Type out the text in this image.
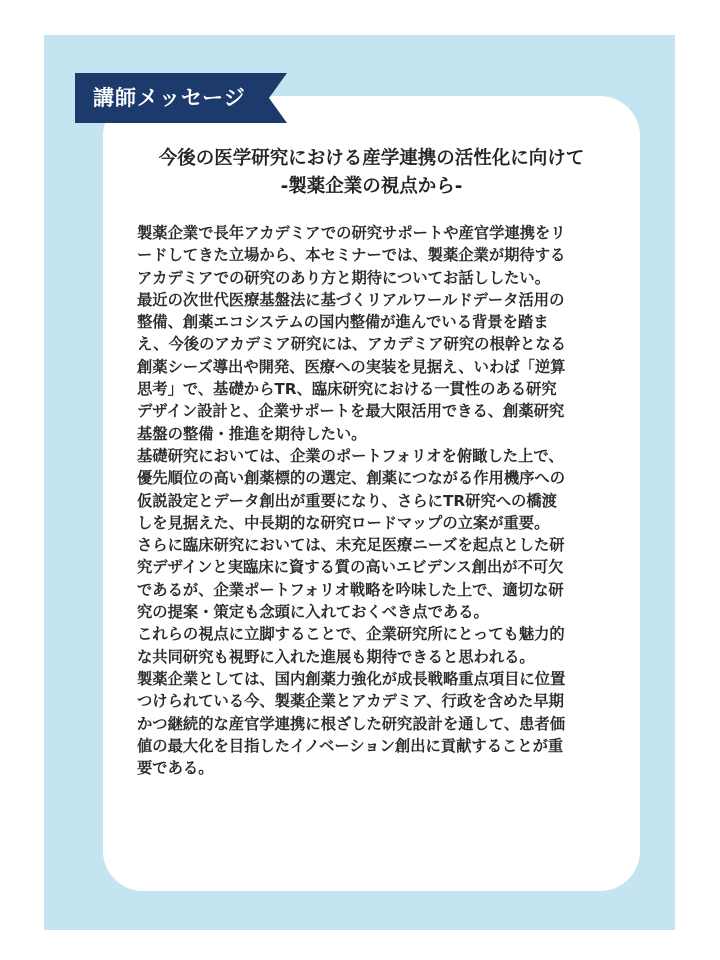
講師メッセージ
今後の医学研究における産学連携の活性化に向けて
-製薬企業の視点から-
製薬企業で長年アカデミアでの研究サポートや産官学連携をリ
ードしてきた立場から、本セミナーでは、製薬企業が期待する
アカデミアでの研究のあり方と期待についてお話ししたい。
最近の次世代医療基盤法に基づくリアルワールドデータ活用の
整備、創薬エコシステムの国内整備が進んでいる背景を踏ま
え、今後のアカデミア研究には、アカデミア研究の根幹となる
創薬シーズ導出や開発、医療への実装を見据え、いわば「逆算
思考」で、基礎からTR、臨床研究における一貫性のある研究
デザイン設計と、企業サポートを最大限活用できる、創薬研究
基盤の整備・推進を期待したい。
基礎研究においては、企業のポートフォリオを俯瞰した上で、
優先順位の高い創薬標的の選定、創薬につながる作用機序への
仮説設定とデータ創出が重要になり、さらにTR研究への橋渡
しを見据えた、中長期的な研究ロードマップの立案が重要。
さらに臨床研究においては、未充足医療ニーズを起点とした研
究デザインと実臨床に資する質の高いエビデンス創出が不可欠
であるが、企業ポートフォリオ戦略を吟味した上で、適切な研
究の提案・策定も念頭に入れておくべき点である。
これらの視点に立脚することで、企業研究所にとっても魅力的
な共同研究も視野に入れた進展も期待できると思われる。
製薬企業としては、国内創薬力強化が成長戦略重点項目に位置
つけられている今、製薬企業とアカデミア、行政を含めた早期
かつ継続的な産官学連携に根ざした研究設計を通して、患者価
値の最大化を目指したイノベーション創出に貢献することが重
要である。
